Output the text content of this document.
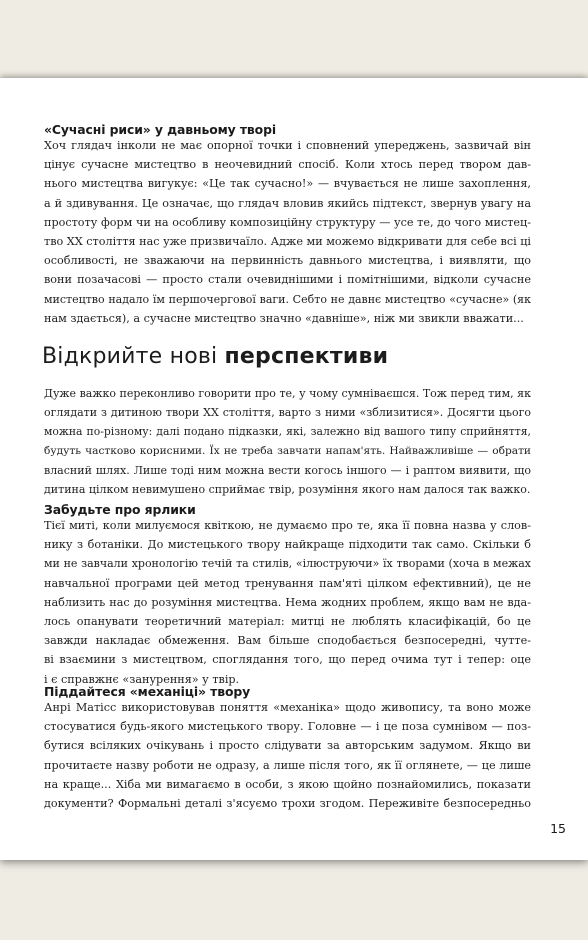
«Сучасні риси» у давньому творі
Хоч глядач інколи не має опорної точки і сповнений упереджень, зазвичай він
цінує сучасне мистецтво в неочевидний спосіб. Коли хтось перед твором дав-
нього мистецтва вигукує: «Це так сучасно!» — вчувається не лише захоплення,
а й здивування. Це означає, що глядач вловив якийсь підтекст, звернув увагу на
простоту форм чи на особливу композиційну структуру — усе те, до чого мистец-
тво XX століття нас уже призвичаїло. Адже ми можемо відкривати для себе всі ці
особливості, не зважаючи на первинність давнього мистецтва, і виявляти, що
вони позачасові — просто стали очевиднішими і помітнішими, відколи сучасне
мистецтво надало їм першочергової ваги. Себто не давнє мистецтво «сучасне» (як
нам здається), а сучасне мистецтво значно «давніше», ніж ми звикли вважати...
Відкрийте нові перспективи
Дуже важко переконливо говорити про те, у чому сумніваєшся. Тож перед тим, як
оглядати з дитиною твори XX століття, варто з ними «зблизитися». Досягти цього
можна по-різному: далі подано підказки, які, залежно від вашого типу сприйняття,
будуть частково корисними. Їх не треба завчати напам'ять. Найважливіше — обрати
власний шлях. Лише тоді ним можна вести когось іншого — і раптом виявити, що
дитина цілком невимушено сприймає твір, розуміння якого нам далося так важко.
Забудьте про ярлики
Тієї миті, коли милуємося квіткою, не думаємо про те, яка її повна назва у слов-
нику з ботаніки. До мистецького твору найкраще підходити так само. Скільки б
ми не завчали хронологію течій та стилів, «ілюструючи» їх творами (хоча в межах
навчальної програми цей метод тренування пам'яті цілком ефективний), це не
наблизить нас до розуміння мистецтва. Нема жодних проблем, якщо вам не вда-
лось опанувати теоретичний матеріал: митці не люблять класифікацій, бо це
завжди накладає обмеження. Вам більше сподобається безпосередні, чутте-
ві взаємини з мистецтвом, споглядання того, що перед очима тут і тепер: оце
і є справжнє «занурення» у твір.
Піддайтеся «механіці» твору
Анрі Матісс використовував поняття «механіка» щодо живопису, та воно може
стосуватися будь-якого мистецького твору. Головне — і це поза сумнівом — поз-
бутися всіляких очікувань і просто слідувати за авторським задумом. Якщо ви
прочитаєте назву роботи не одразу, а лише після того, як її оглянете, — це лише
на краще... Хіба ми вимагаємо в особи, з якою щойно познайомились, показати
документи? Формальні деталі з'ясуємо трохи згодом. Переживіте безпосередньо
15
